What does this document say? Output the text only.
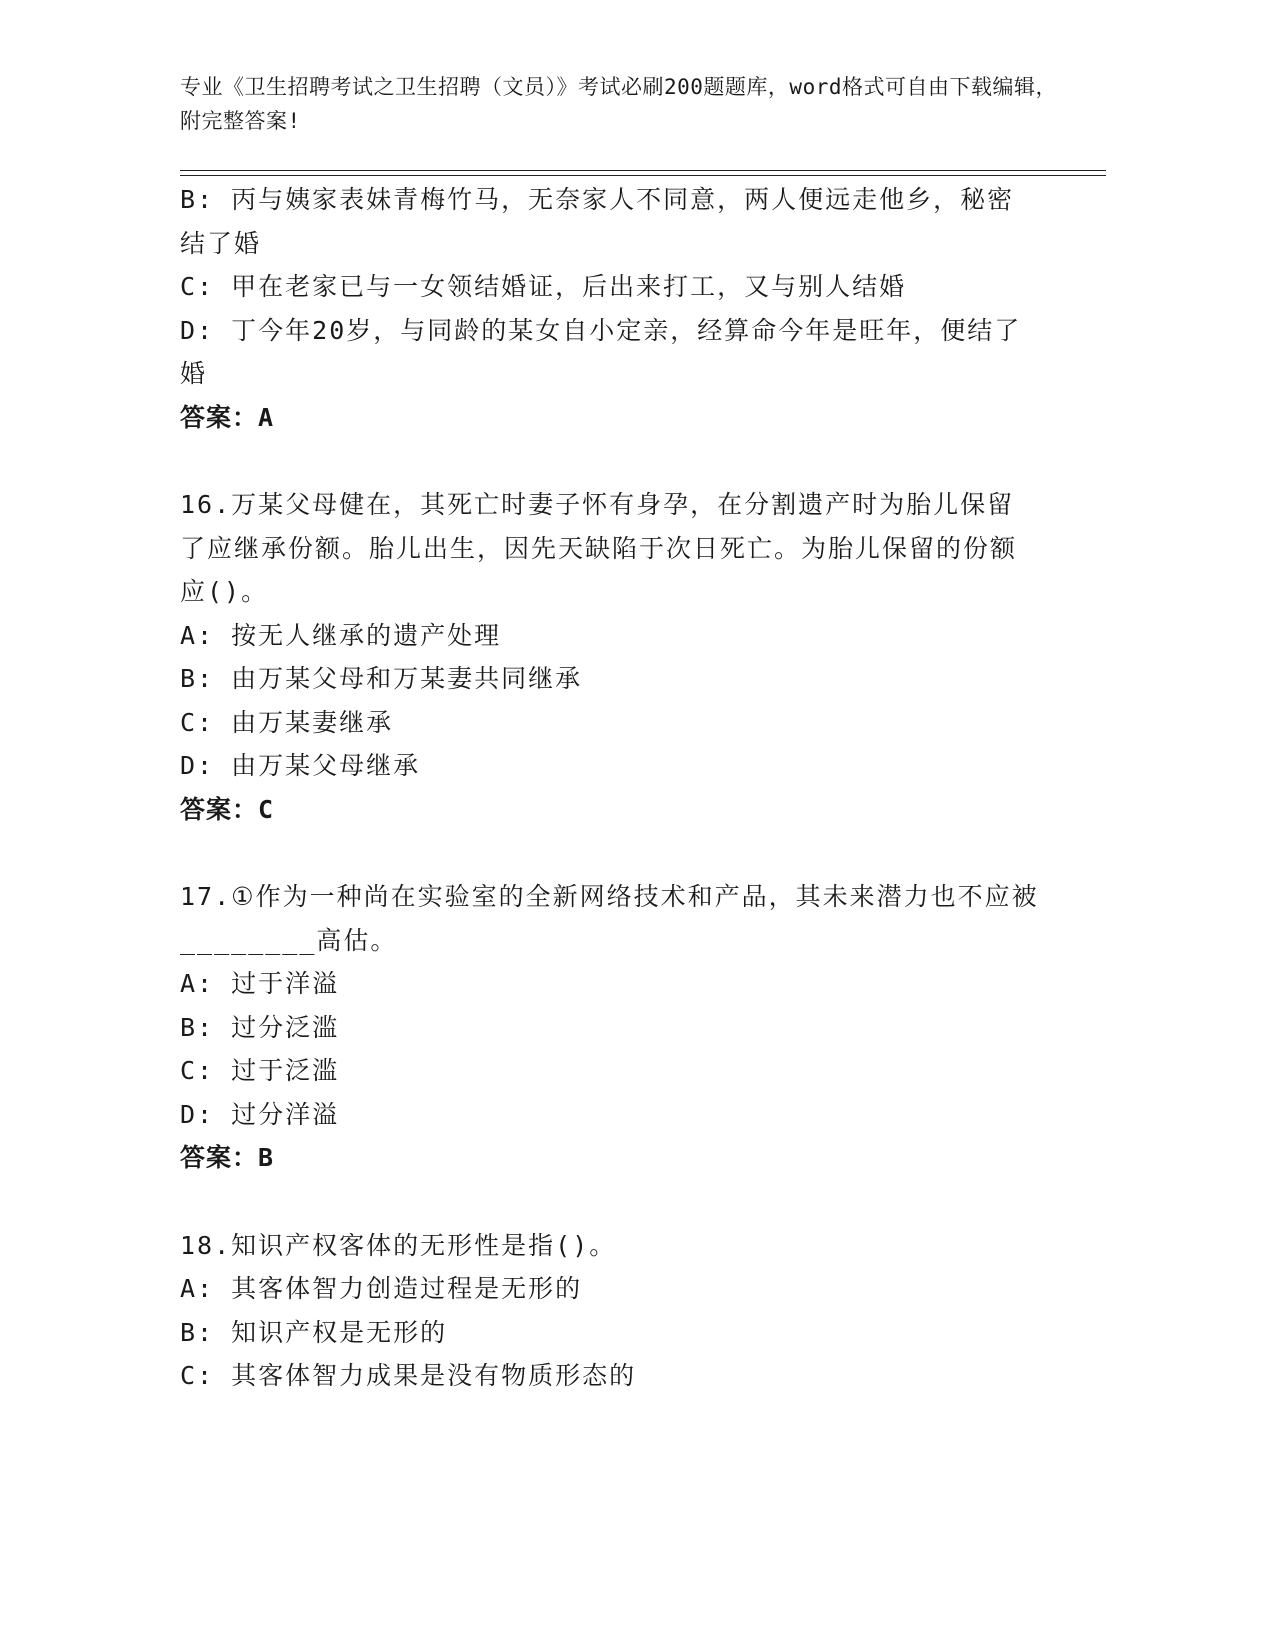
专业《卫生招聘考试之卫生招聘（文员）》考试必刷200题题库，word格式可自由下载编辑，附完整答案!
B: 丙与姨家表妹青梅竹马，无奈家人不同意，两人便远走他乡，秘密结了婚
C: 甲在老家已与一女领结婚证，后出来打工，又与别人结婚
D: 丁今年20岁，与同龄的某女自小定亲，经算命今年是旺年，便结了婚
答案：A
16.万某父母健在，其死亡时妻子怀有身孕，在分割遗产时为胎儿保留了应继承份额。胎儿出生，因先天缺陷于次日死亡。为胎儿保留的份额应()。
A: 按无人继承的遗产处理
B: 由万某父母和万某妻共同继承
C: 由万某妻继承
D: 由万某父母继承
答案：C
17.①作为一种尚在实验室的全新网络技术和产品，其未来潜力也不应被________高估。
A: 过于洋溢
B: 过分泛滥
C: 过于泛滥
D: 过分洋溢
答案：B
18.知识产权客体的无形性是指()。
A: 其客体智力创造过程是无形的
B: 知识产权是无形的
C: 其客体智力成果是没有物质形态的
